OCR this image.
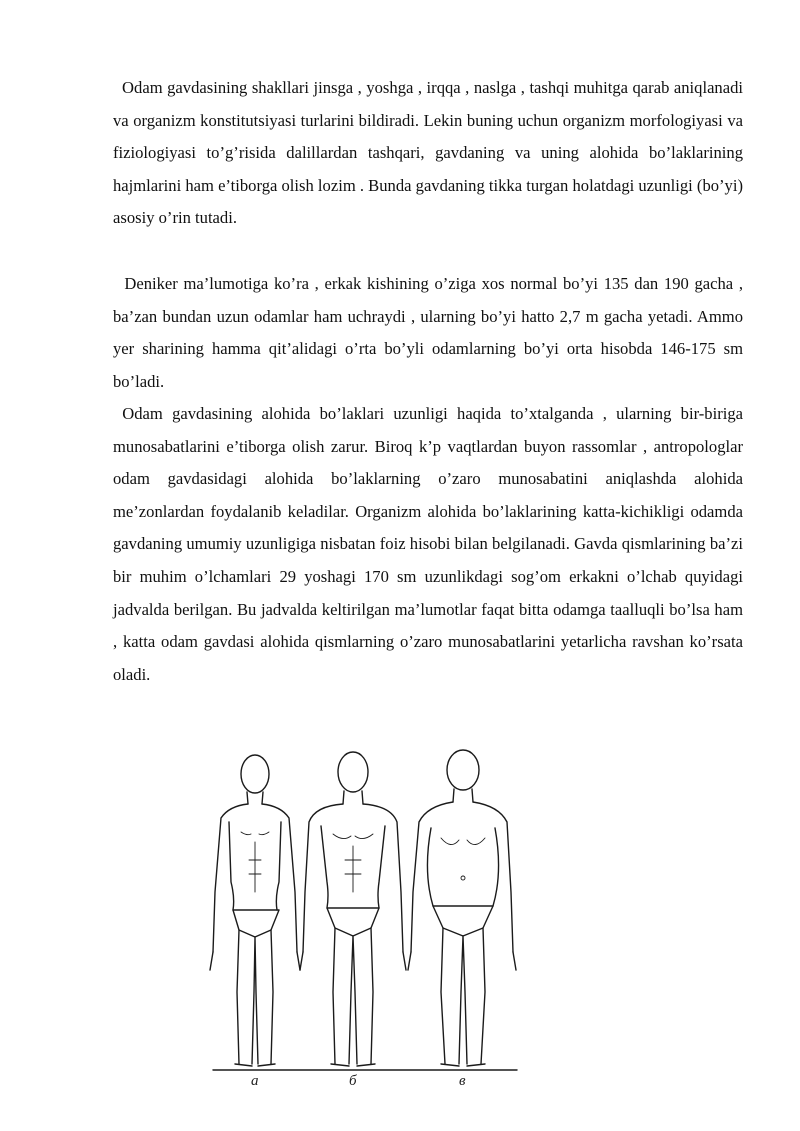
Odam gavdasining shakllari jinsga , yoshga , irqqa , naslga , tashqi muhitga qarab aniqlanadi va organizm konstitutsiyasi turlarini bildiradi. Lekin buning uchun organizm morfologiyasi va fiziologiyasi to’g’risida dalillardan tashqari, gavdaning va uning alohida bo’laklarining hajmlarini ham e’tiborga olish lozim . Bunda gavdaning tikka turgan holatdagi uzunligi (bo’yi) asosiy o’rin tutadi.

Deniker ma’lumotiga ko’ra , erkak kishining o’ziga xos normal bo’yi 135 dan 190 gacha , ba’zan bundan uzun odamlar ham uchraydi , ularning bo’yi hatto 2,7 m gacha yetadi. Ammo yer sharining hamma qit’alidagi o’rta bo’yli odamlarning bo’yi orta hisobda 146-175 sm bo’ladi.

Odam gavdasining alohida bo’laklari uzunligi haqida to’xtalganda , ularning bir-biriga munosabatlarini e’tiborga olish zarur. Biroq k’p vaqtlardan buyon rassomlar , antropologlar odam gavdasidagi alohida bo’laklarning o’zaro munosabatini aniqlashda alohida me’zonlardan foydalanib keladilar. Organizm alohida bo’laklarining katta-kichikligi odamda gavdaning umumiy uzunligiga nisbatan foiz hisobi bilan belgilanadi. Gavda qismlarining ba’zi bir muhim o’lchamlari 29 yoshagi 170 sm uzunlikdagi sog’om erkakni o’lchab quyidagi jadvalda berilgan. Bu jadvalda keltirilgan ma’lumotlar faqat bitta odamga taalluqli bo’lsa ham , katta odam gavdasi alohida qismlarning o’zaro munosabatlarini yetarlicha ravshan ko’rsata oladi.

a	б	в
